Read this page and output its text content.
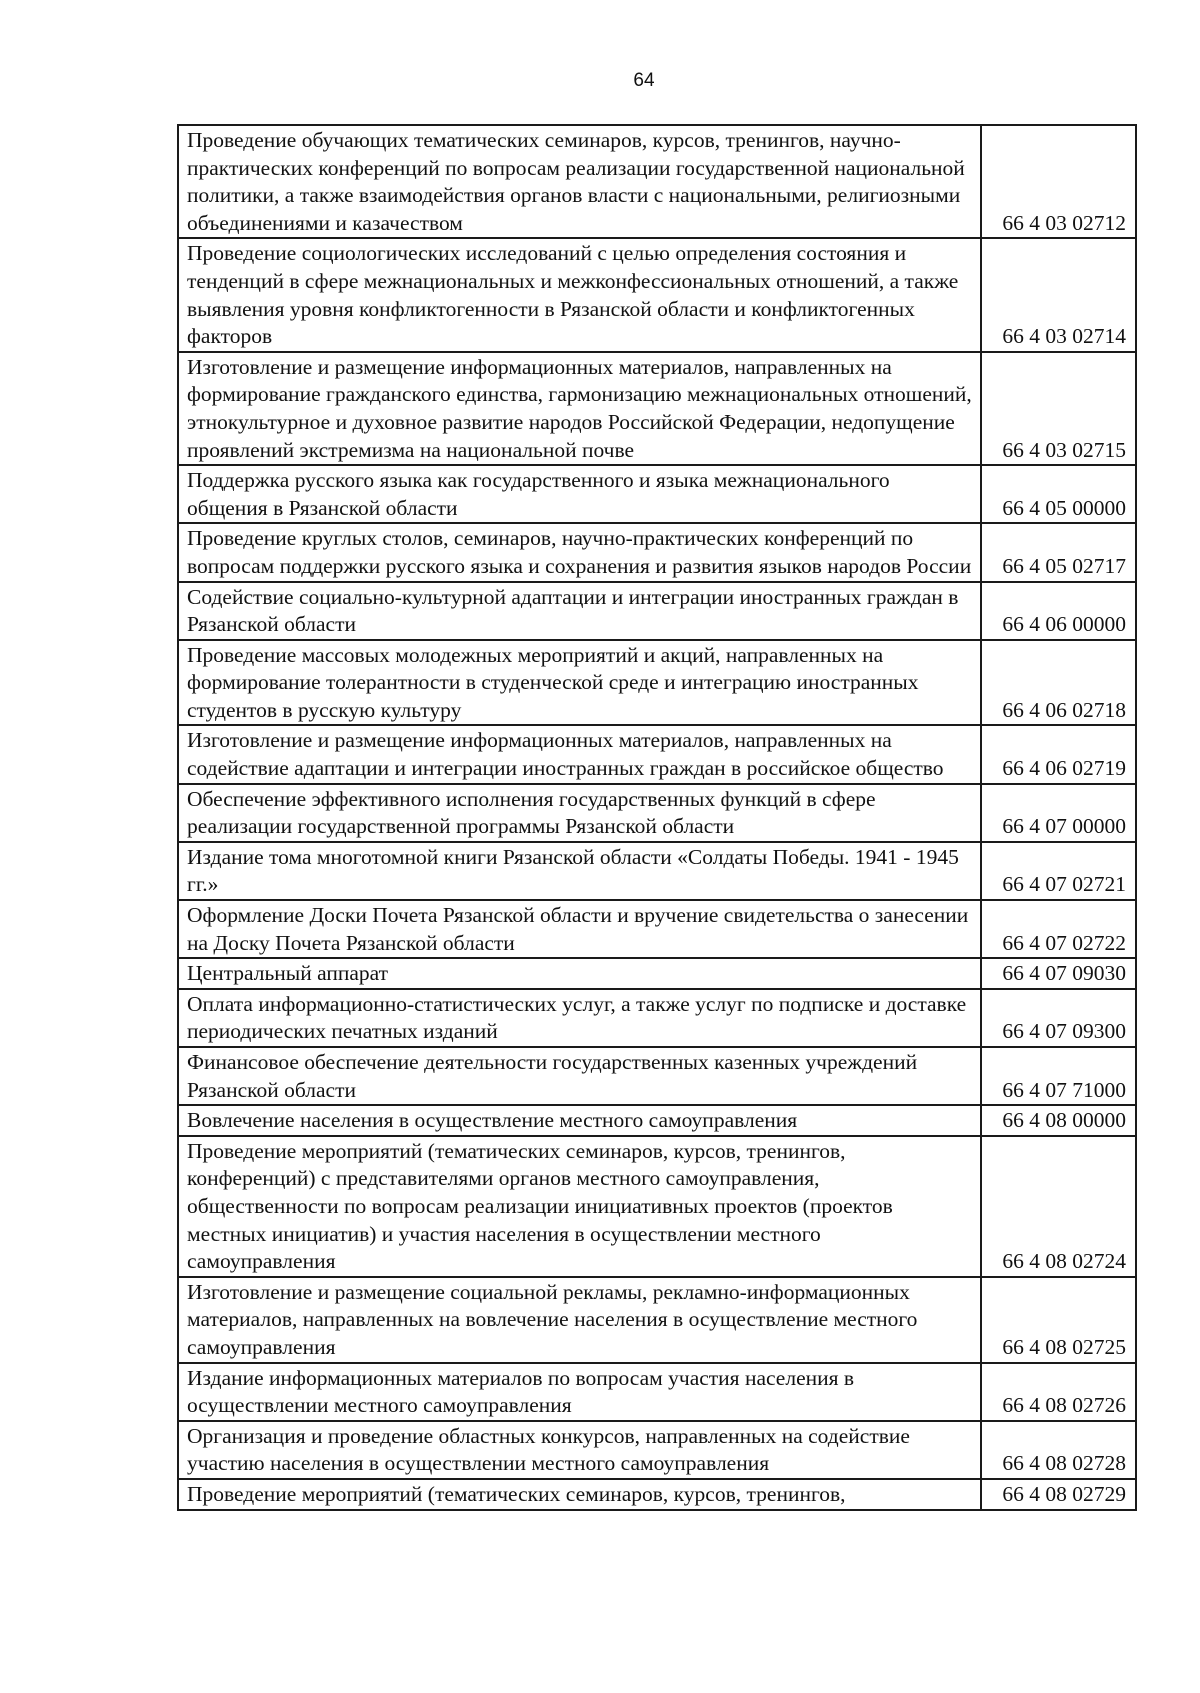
64
Проведение обучающих тематических семинаров, курсов, тренингов, научно-практических конференций по вопросам реализации государственной национальной политики, а также взаимодействия органов власти с национальными, религиозными объединениями и казачеством	66 4 03 02712
Проведение социологических исследований с целью определения состояния и тенденций в сфере межнациональных и межконфессиональных отношений, а также выявления уровня конфликтогенности в Рязанской области и конфликтогенных факторов	66 4 03 02714
Изготовление и размещение информационных материалов, направленных на формирование гражданского единства, гармонизацию межнациональных отношений, этнокультурное и духовное развитие народов Российской Федерации, недопущение проявлений экстремизма на национальной почве	66 4 03 02715
Поддержка русского языка как государственного и языка межнационального общения в Рязанской области	66 4 05 00000
Проведение круглых столов, семинаров, научно-практических конференций по вопросам поддержки русского языка и сохранения и развития языков народов России	66 4 05 02717
Содействие социально-культурной адаптации и интеграции иностранных граждан в Рязанской области	66 4 06 00000
Проведение массовых молодежных мероприятий и акций, направленных на формирование толерантности в студенческой среде и интеграцию иностранных студентов в русскую культуру	66 4 06 02718
Изготовление и размещение информационных материалов, направленных на содействие адаптации и интеграции иностранных граждан в российское общество	66 4 06 02719
Обеспечение эффективного исполнения государственных функций в сфере реализации государственной программы Рязанской области	66 4 07 00000
Издание тома многотомной книги Рязанской области «Солдаты Победы. 1941 - 1945 гг.»	66 4 07 02721
Оформление Доски Почета Рязанской области и вручение свидетельства о занесении на Доску Почета Рязанской области	66 4 07 02722
Центральный аппарат	66 4 07 09030
Оплата информационно-статистических услуг, а также услуг по подписке и доставке периодических печатных изданий	66 4 07 09300
Финансовое обеспечение деятельности государственных казенных учреждений Рязанской области	66 4 07 71000
Вовлечение населения в осуществление местного самоуправления	66 4 08 00000
Проведение мероприятий (тематических семинаров, курсов, тренингов, конференций) с представителями органов местного самоуправления, общественности по вопросам реализации инициативных проектов (проектов местных инициатив) и участия населения в осуществлении местного самоуправления	66 4 08 02724
Изготовление и размещение социальной рекламы, рекламно-информационных материалов, направленных на вовлечение населения в осуществление местного самоуправления	66 4 08 02725
Издание информационных материалов по вопросам участия населения в осуществлении местного самоуправления	66 4 08 02726
Организация и проведение областных конкурсов, направленных на содействие участию населения в осуществлении местного самоуправления	66 4 08 02728
Проведение мероприятий (тематических семинаров, курсов, тренингов,	66 4 08 02729
